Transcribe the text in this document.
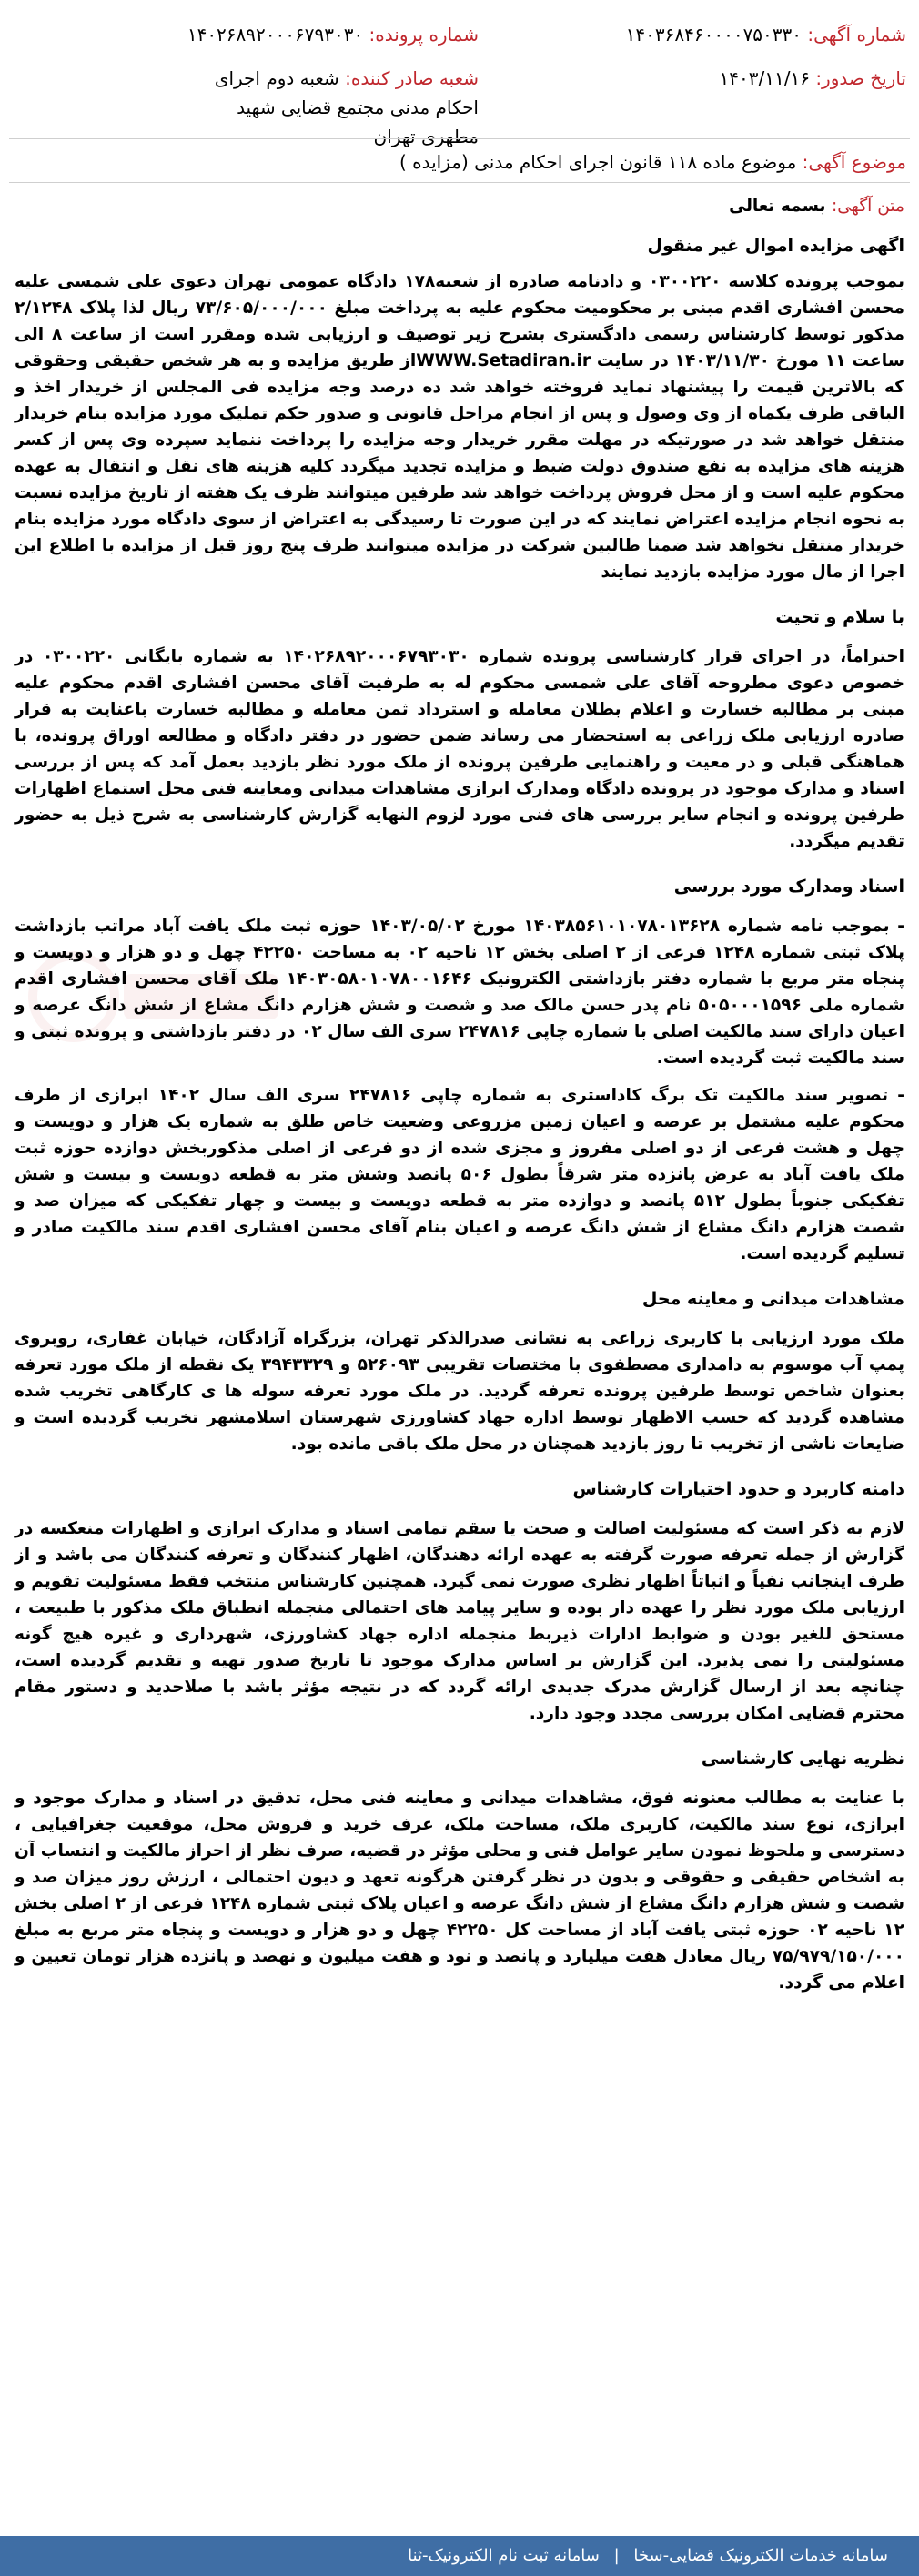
شماره آگهی: ۱۴۰۳۶۸۴۶۰۰۰۰۷۵۰۳۳۰
شماره پرونده: ۱۴۰۲۶۸۹۲۰۰۰۶۷۹۳۰۳۰
تاریخ صدور: ۱۴۰۳/۱۱/۱۶
شعبه صادر کننده: شعبه دوم اجرای احکام مدنی مجتمع قضایی شهید مطهری تهران
موضوع آگهی: موضوع ماده ۱۱۸ قانون اجرای احکام مدنی (مزایده )
متن آگهی: بسمه تعالی
اگهی مزایده اموال غیر منقول

بموجب پرونده کلاسه ۰۳۰۰۲۲۰ و دادنامه صادره از شعبه۱۷۸ دادگاه عمومی تهران دعوی علی شمسی علیه محسن افشاری اقدم مبنی بر محکومیت محکوم علیه به پرداخت مبلغ ۷۳/۶۰۵/۰۰۰/۰۰۰ ریال لذا پلاک ۲/۱۲۴۸ مذکور توسط کارشناس رسمی دادگستری بشرح زیر توصیف و ارزیابی شده ومقرر است از ساعت ۸ الی ساعت ۱۱ مورخ ۱۴۰۳/۱۱/۳۰ در سایت WWW.Setadiran.irاز طریق مزایده و به هر شخص حقیقی وحقوقی که بالاترین قیمت را پیشنهاد نماید فروخته خواهد شد ده درصد وجه مزایده فی المجلس از خریدار اخذ و الباقی ظرف یکماه از وی وصول و پس از انجام مراحل قانونی و صدور حکم تملیک مورد مزایده بنام خریدار منتقل خواهد شد در صورتیکه در مهلت مقرر خریدار وجه مزایده را پرداخت ننماید سپرده وی پس از کسر هزینه های مزایده به نفع صندوق دولت ضبط و مزایده تجدید میگردد کلیه هزینه های نقل و انتقال به عهده محکوم علیه است و از محل فروش پرداخت خواهد شد طرفین میتوانند ظرف یک هفته از تاریخ مزایده نسبت به نحوه انجام مزایده اعتراض نمایند که در این صورت تا رسیدگی به اعتراض از سوی دادگاه مورد مزایده بنام خریدار منتقل نخواهد شد ضمنا طالبین شرکت در مزایده میتوانند ظرف پنج روز قبل از مزایده با اطلاع این اجرا از مال مورد مزایده بازدید نمایند

با سلام و تحیت

احتراماً، در اجرای قرار کارشناسی پرونده شماره ۱۴۰۲۶۸۹۲۰۰۰۶۷۹۳۰۳۰ به شماره بایگانی ۰۳۰۰۲۲۰ در خصوص دعوی مطروحه آقای علی شمسی محکوم له به طرفیت آقای محسن افشاری اقدم محکوم علیه مبنی بر مطالبه خسارت و اعلام بطلان معامله و استرداد ثمن معامله و مطالبه خسارت باعنایت به قرار صادره ارزیابی ملک زراعی به استحضار می رساند ضمن حضور در دفتر دادگاه و مطالعه اوراق پرونده، با هماهنگی قبلی و در معیت و راهنمایی طرفین پرونده از ملک مورد نظر بازدید بعمل آمد که پس از بررسی اسناد و مدارک موجود در پرونده دادگاه ومدارک ابرازی مشاهدات میدانی ومعاینه فنی محل استماع اظهارات طرفین پرونده و انجام سایر بررسی های فنی مورد لزوم النهایه گزارش کارشناسی به شرح ذیل به حضور تقدیم میگردد.

اسناد ومدارک مورد بررسی

- بموجب نامه شماره ۱۴۰۳۸۵۶۱۰۱۰۷۸۰۱۳۶۲۸ مورخ ۱۴۰۳/۰۵/۰۲ حوزه ثبت ملک یافت آباد مراتب بازداشت پلاک ثبتی شماره ۱۲۴۸ فرعی از ۲ اصلی بخش ۱۲ ناحیه ۰۲ به مساحت ۴۲۲۵۰ چهل و دو هزار و دویست و پنجاه متر مربع با شماره دفتر بازداشتی الکترونیک ۱۴۰۳۰۵۸۰۱۰۷۸۰۰۱۶۴۶ ملک آقای محسن افشاری اقدم شماره ملی ۵۰۵۰۰۰۱۵۹۶ نام پدر حسن مالک صد و شصت و شش هزارم دانگ مشاع از شش دانگ عرصه و اعیان دارای سند مالکیت اصلی با شماره چاپی ۲۴۷۸۱۶ سری الف سال ۰۲ در دفتر بازداشتی و پرونده ثبتی و سند مالکیت ثبت گردیده است.

- تصویر سند مالکیت تک برگ کاداستری به شماره چاپی ۲۴۷۸۱۶ سری الف سال ۱۴۰۲ ابرازی از طرف محکوم علیه مشتمل بر عرصه و اعیان زمین مزروعی وضعیت خاص طلق به شماره یک هزار و دویست و چهل و هشت فرعی از دو اصلی مفروز و مجزی شده از دو فرعی از اصلی مذکوربخش دوازده حوزه ثبت ملک یافت آباد به عرض پانزده متر شرقاً بطول ۵۰۶ پانصد وشش متر به قطعه دویست و بیست و شش تفکیکی جنوباً بطول ۵۱۲ پانصد و دوازده متر به قطعه دویست و بیست و چهار تفکیکی که میزان صد و شصت هزارم دانگ مشاع از شش دانگ عرصه و اعیان بنام آقای محسن افشاری اقدم سند مالکیت صادر و تسلیم گردیده است.

مشاهدات میدانی و معاینه محل

ملک مورد ارزیابی با کاربری زراعی به نشانی صدرالذکر تهران، بزرگراه آزادگان، خیابان غفاری، روبروی پمپ آب موسوم به دامداری مصطفوی با مختصات تقریبی ۵۲۶۰۹۳ و ۳۹۴۳۳۲۹ یک نقطه از ملک مورد تعرفه بعنوان شاخص توسط طرفین پرونده تعرفه گردید. در ملک مورد تعرفه سوله ها ی کارگاهی تخریب شده مشاهده گردید که حسب الاظهار توسط اداره جهاد کشاورزی شهرستان اسلامشهر تخریب گردیده است و ضایعات ناشی از تخریب تا روز بازدید همچنان در محل ملک باقی مانده بود.

دامنه کاربرد و حدود اختیارات کارشناس

لازم به ذکر است که مسئولیت اصالت و صحت یا سقم تمامی اسناد و مدارک ابرازی و اظهارات منعکسه در گزارش از جمله تعرفه صورت گرفته به عهده ارائه دهندگان، اظهار کنندگان و تعرفه کنندگان می باشد و از طرف اینجانب نفیاً و اثباتاً اظهار نظری صورت نمی گیرد. همچنین کارشناس منتخب فقط مسئولیت تقویم و ارزیابی ملک مورد نظر را عهده دار بوده و سایر پیامد های احتمالی منجمله انطباق ملک مذکور با طبیعت ، مستحق للغیر بودن و ضوابط ادارات ذیربط منجمله اداره جهاد کشاورزی، شهرداری و غیره هیچ گونه مسئولیتی را نمی پذیرد. این گزارش بر اساس مدارک موجود تا تاریخ صدور تهیه و تقدیم گردیده است، چنانچه بعد از ارسال گزارش مدرک جدیدی ارائه گردد که در نتیجه مؤثر باشد با صلاحدید و دستور مقام محترم قضایی امکان بررسی مجدد وجود دارد.

نظریه نهایی کارشناسی

با عنایت به مطالب معنونه فوق، مشاهدات میدانی و معاینه فنی محل، تدقیق در اسناد و مدارک موجود و ابرازی، نوع سند مالکیت، کاربری ملک، مساحت ملک، عرف خرید و فروش محل، موقعیت جغرافیایی ، دسترسی و ملحوظ نمودن سایر عوامل فنی و محلی مؤثر در قضیه، صرف نظر از احراز مالکیت و انتساب آن به اشخاص حقیقی و حقوقی و بدون در نظر گرفتن هرگونه تعهد و دیون احتمالی ، ارزش روز میزان صد و شصت و شش هزارم دانگ مشاع از شش دانگ عرصه و اعیان پلاک ثبتی شماره ۱۲۴۸ فرعی از ۲ اصلی بخش ۱۲ ناحیه ۰۲ حوزه ثبتی یافت آباد از مساحت کل ۴۲۲۵۰ چهل و دو هزار و دویست و پنجاه متر مربع به مبلغ ۷۵/۹۷۹/۱۵۰/۰۰۰ ریال معادل هفت میلیارد و پانصد و نود و هفت میلیون و نهصد و پانزده هزار تومان تعیین و اعلام می گردد.

سامانه خدمات الکترونیک قضایی-سخا | سامانه ثبت نام الکترونیک-ثنا
